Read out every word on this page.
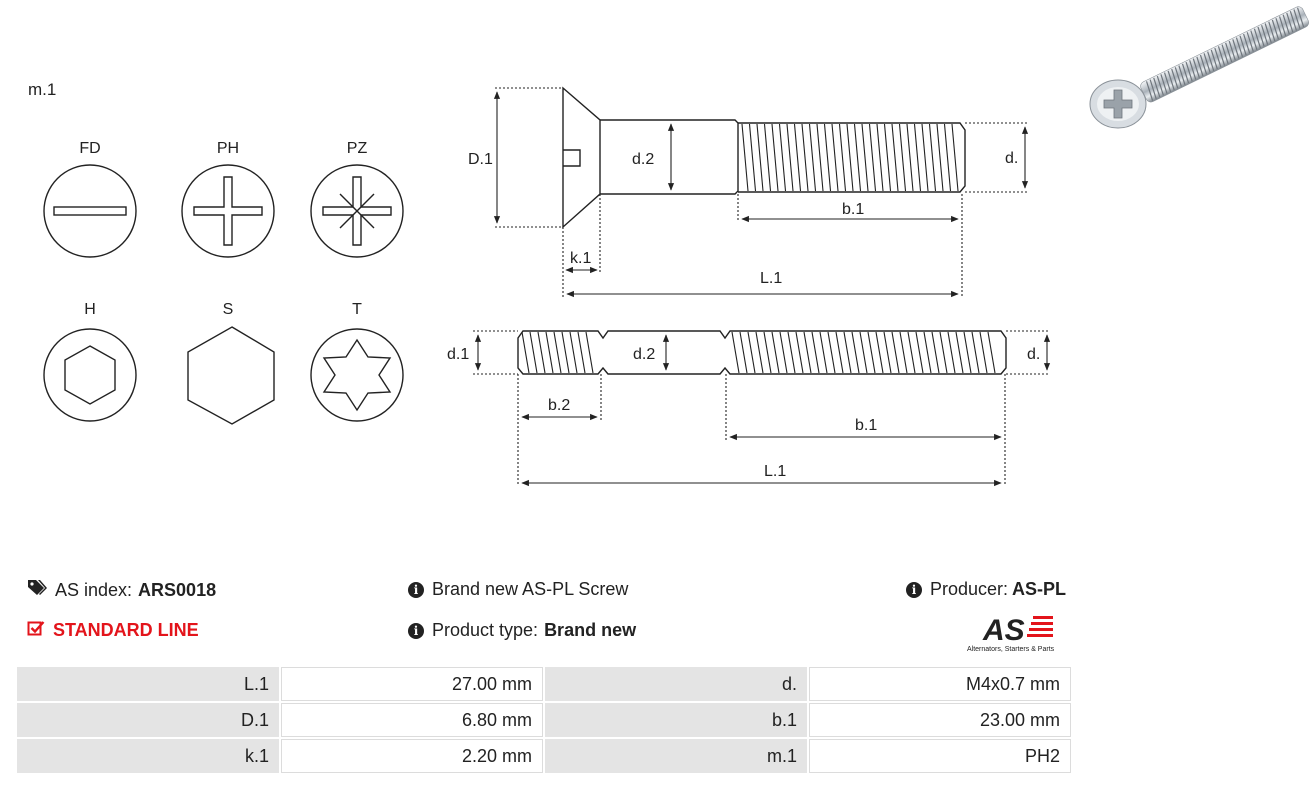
m.1
FD	PH	PZ
H	S	T
D.1	d.2	d.
b.1
k.1
L.1
d.1	d.2	d.
b.2
b.1
L.1
AS index: ARS0018
STANDARD LINE
i Brand new AS-PL Screw
i Product type: Brand new
i Producer: AS-PL
AS
Alternators, Starters & Parts
L.1	27.00 mm	d.	M4x0.7 mm
D.1	6.80 mm	b.1	23.00 mm
k.1	2.20 mm	m.1	PH2
